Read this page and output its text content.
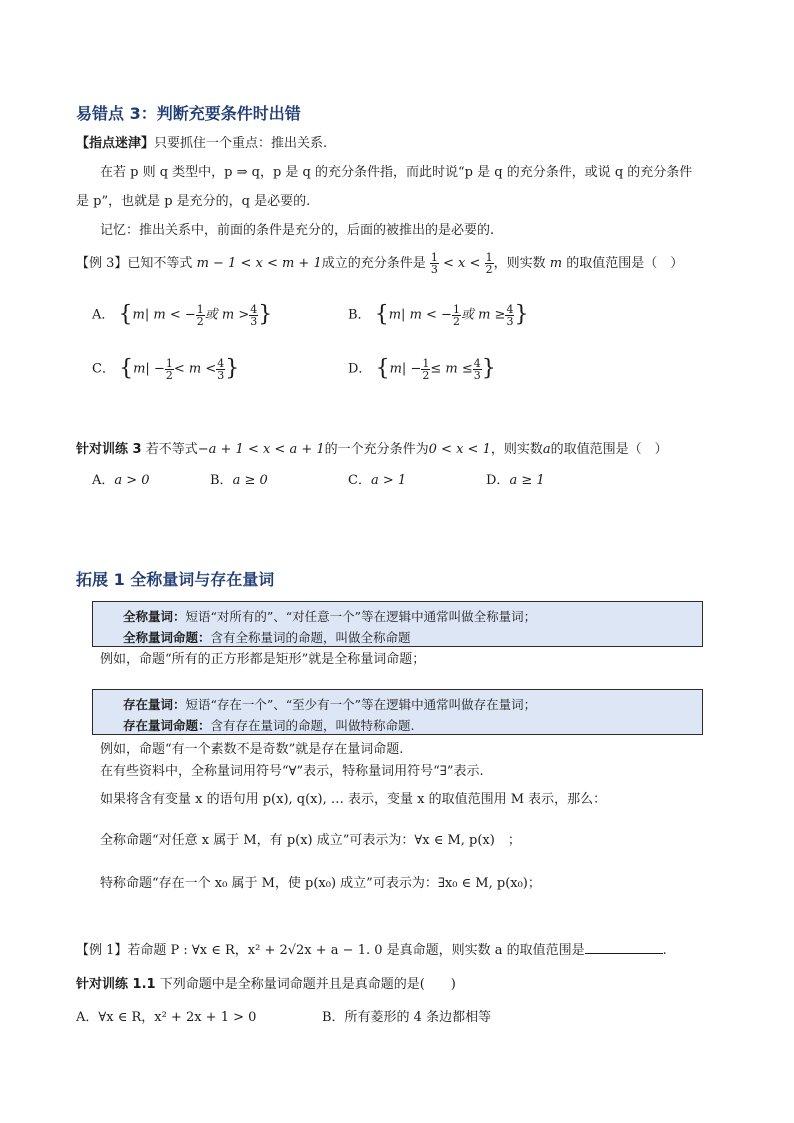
易错点 3：判断充要条件时出错
【指点迷津】只要抓住一个重点：推出关系.
在若 p 则 q 类型中，p ⇒ q，p 是 q 的充分条件指，而此时说“p 是 q 的充分条件，或说 q 的充分条件
是 p”，也就是 p 是充分的，q 是必要的.
记忆：推出关系中，前面的条件是充分的，后面的被推出的是必要的.
【例 3】已知不等式 m − 1 < x < m + 1成立的充分条件是 $\frac{1}{3} < x < \frac{1}{2}$ ，则实数 m 的取值范围是（　）
A． {m| m < − $\frac{1}{2}$ 或 $m > \frac{4}{3}$ }	B． {m| m < − $\frac{1}{2}$ 或 $m \ge \frac{4}{3}$ }
C． {$m| - \frac{1}{2} < m < \frac{4}{3}$ }	D． {$m| - \frac{1}{2} \le m \le \frac{4}{3}$ }
针对训练 3 若不等式−a + 1 < x < a + 1的一个充分条件为0 < x < 1，则实数a的取值范围是（　）
A．a > 0	B．a ≥ 0	C．a > 1	D．a ≥ 1
拓展 1 全称量词与存在量词
全称量词：短语“对所有的”、“对任意一个”等在逻辑中通常叫做全称量词；
全称量词命题：含有全称量词的命题，叫做全称命题
例如，命题“所有的正方形都是矩形”就是全称量词命题；
存在量词：短语“存在一个”、“至少有一个”等在逻辑中通常叫做存在量词；
存在量词命题：含有存在量词的命题，叫做特称命题.
例如，命题“有一个素数不是奇数”就是存在量词命题.
在有些资料中，全称量词用符号“∀”表示，特称量词用符号“∃”表示.
如果将含有变量 x 的语句用 p(x), q(x), … 表示，变量 x 的取值范围用 M 表示，那么：
全称命题“对任意 x 属于 M，有 p(x) 成立”可表示为：∀x ∈ M, p(x)　；
特称命题“存在一个 x₀ 属于 M，使 p(x₀) 成立”可表示为：∃x₀ ∈ M, p(x₀)；
【例 1】若命题 P : ∀x ∈ R，x² + 2√2x + a − 1. 0 是真命题，则实数 a 的取值范围是	.
针对训练 1.1 下列命题中是全称量词命题并且是真命题的是(　　)
A．∀x ∈ R，x² + 2x + 1 > 0	B．所有菱形的 4 条边都相等
